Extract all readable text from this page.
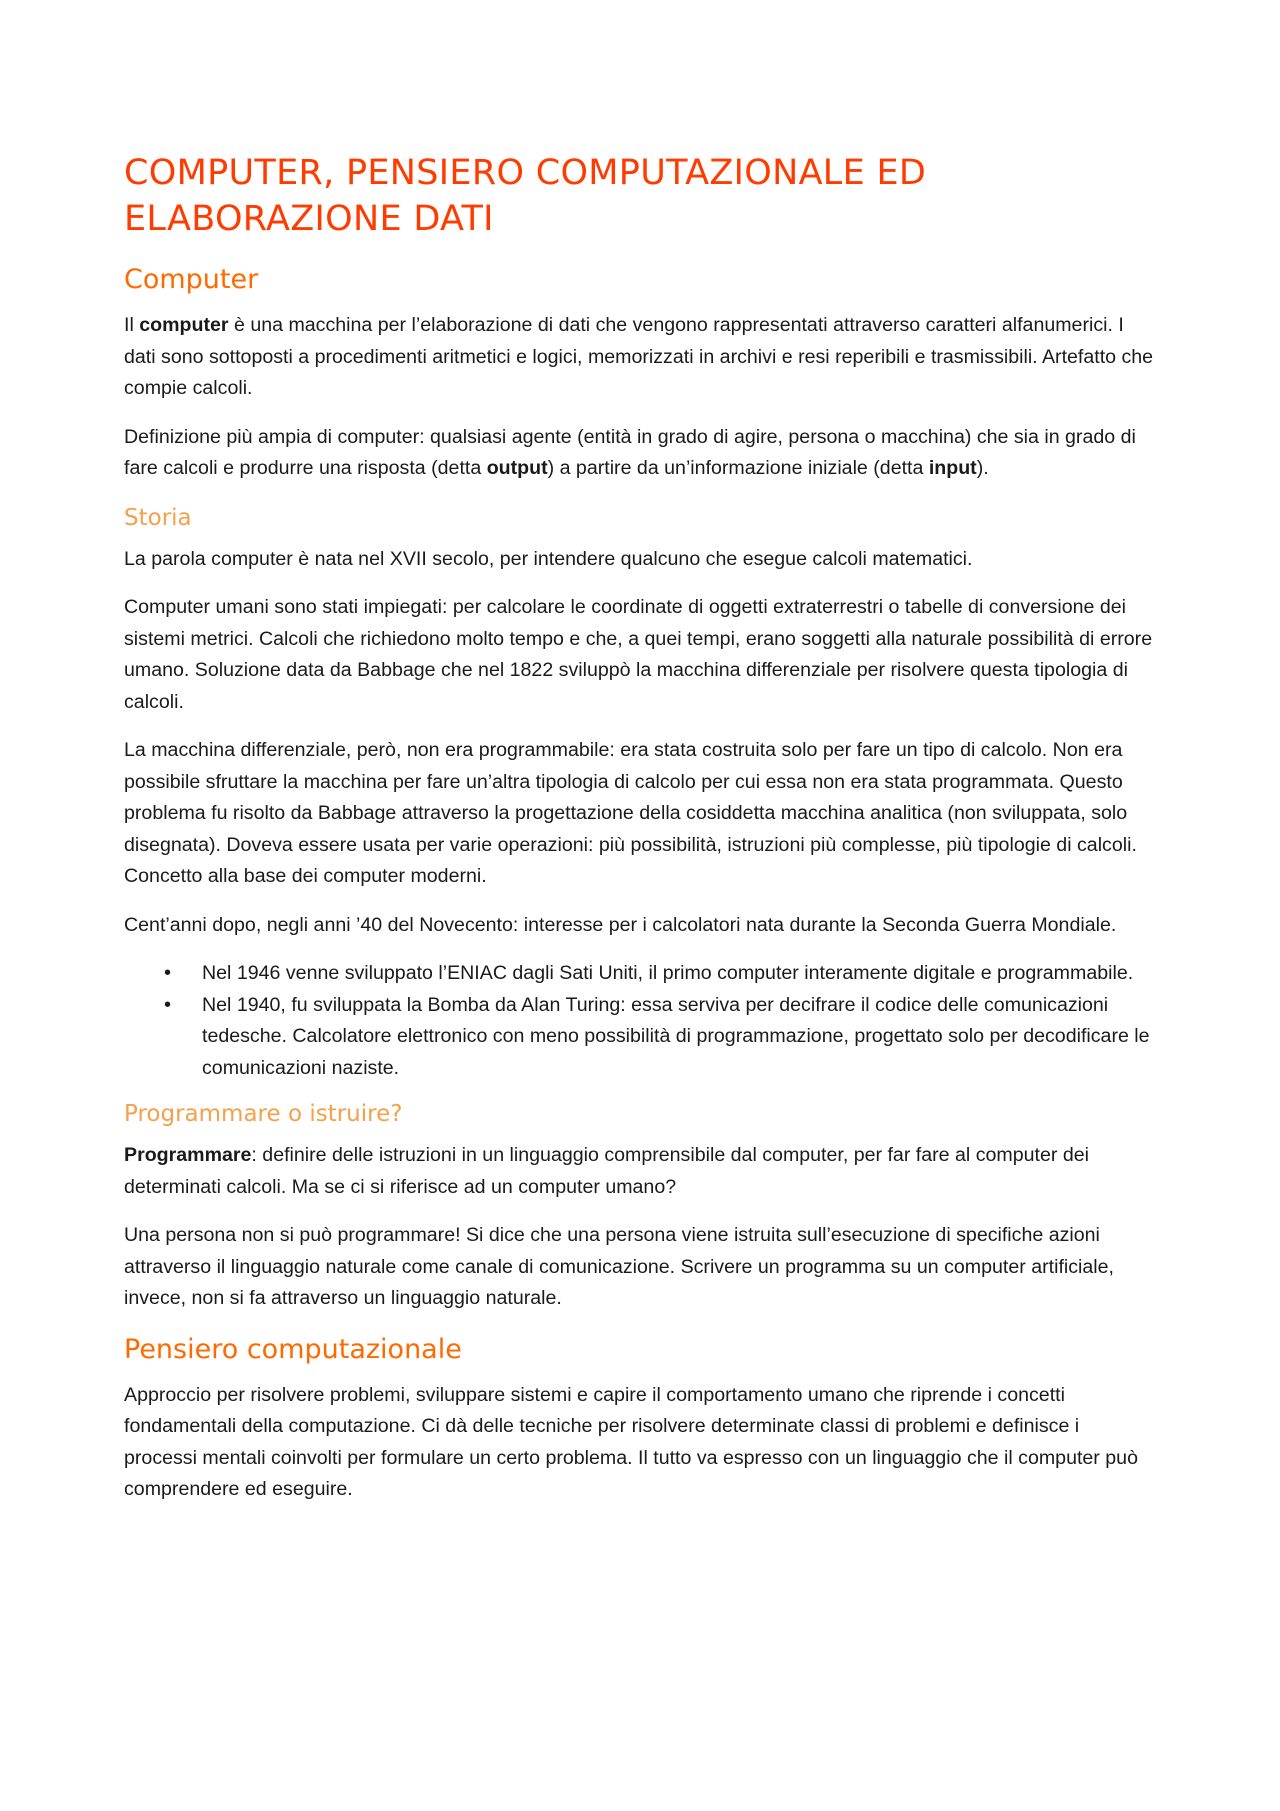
COMPUTER, PENSIERO COMPUTAZIONALE ED ELABORAZIONE DATI
Computer

Il computer è una macchina per l’elaborazione di dati che vengono rappresentati attraverso caratteri alfanumerici. I dati sono sottoposti a procedimenti aritmetici e logici, memorizzati in archivi e resi reperibili e trasmissibili. Artefatto che compie calcoli.

Definizione più ampia di computer: qualsiasi agente (entità in grado di agire, persona o macchina) che sia in grado di fare calcoli e produrre una risposta (detta output) a partire da un’informazione iniziale (detta input).

Storia

La parola computer è nata nel XVII secolo, per intendere qualcuno che esegue calcoli matematici.

Computer umani sono stati impiegati: per calcolare le coordinate di oggetti extraterrestri o tabelle di conversione dei sistemi metrici. Calcoli che richiedono molto tempo e che, a quei tempi, erano soggetti alla naturale possibilità di errore umano. Soluzione data da Babbage che nel 1822 sviluppò la macchina differenziale per risolvere questa tipologia di calcoli.

La macchina differenziale, però, non era programmabile: era stata costruita solo per fare un tipo di calcolo. Non era possibile sfruttare la macchina per fare un’altra tipologia di calcolo per cui essa non era stata programmata. Questo problema fu risolto da Babbage attraverso la progettazione della cosiddetta macchina analitica (non sviluppata, solo disegnata). Doveva essere usata per varie operazioni: più possibilità, istruzioni più complesse, più tipologie di calcoli. Concetto alla base dei computer moderni.

Cent’anni dopo, negli anni ’40 del Novecento: interesse per i calcolatori nata durante la Seconda Guerra Mondiale.

• Nel 1946 venne sviluppato l’ENIAC dagli Sati Uniti, il primo computer interamente digitale e programmabile.
• Nel 1940, fu sviluppata la Bomba da Alan Turing: essa serviva per decifrare il codice delle comunicazioni tedesche. Calcolatore elettronico con meno possibilità di programmazione, progettato solo per decodificare le comunicazioni naziste.
Programmare o istruire?

Programmare: definire delle istruzioni in un linguaggio comprensibile dal computer, per far fare al computer dei determinati calcoli. Ma se ci si riferisce ad un computer umano?

Una persona non si può programmare! Si dice che una persona viene istruita sull’esecuzione di specifiche azioni attraverso il linguaggio naturale come canale di comunicazione. Scrivere un programma su un computer artificiale, invece, non si fa attraverso un linguaggio naturale.

Pensiero computazionale

Approccio per risolvere problemi, sviluppare sistemi e capire il comportamento umano che riprende i concetti fondamentali della computazione. Ci dà delle tecniche per risolvere determinate classi di problemi e definisce i processi mentali coinvolti per formulare un certo problema. Il tutto va espresso con un linguaggio che il computer può comprendere ed eseguire.
